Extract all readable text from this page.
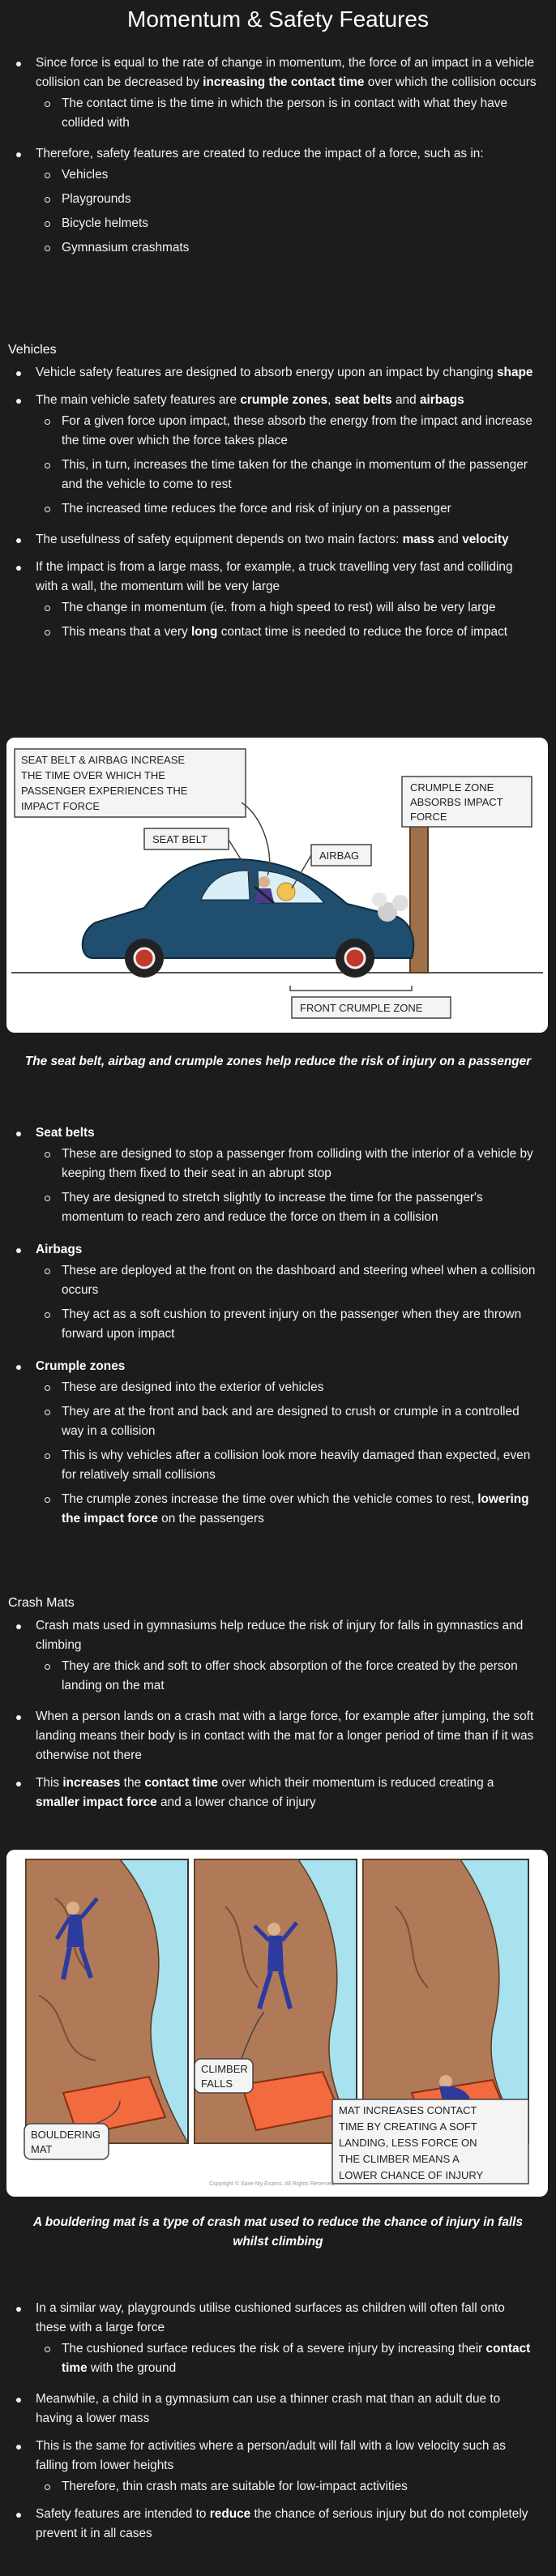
Momentum & Safety Features
Since force is equal to the rate of change in momentum, the force of an impact in a vehicle collision can be decreased by increasing the contact time over which the collision occurs
The contact time is the time in which the person is in contact with what they have collided with
Therefore, safety features are created to reduce the impact of a force, such as in:
Vehicles
Playgrounds
Bicycle helmets
Gymnasium crashmats
Vehicles
Vehicle safety features are designed to absorb energy upon an impact by changing shape
The main vehicle safety features are crumple zones, seat belts and airbags
For a given force upon impact, these absorb the energy from the impact and increase the time over which the force takes place
This, in turn, increases the time taken for the change in momentum of the passenger and the vehicle to come to rest
The increased time reduces the force and risk of injury on a passenger
The usefulness of safety equipment depends on two main factors: mass and velocity
If the impact is from a large mass, for example, a truck travelling very fast and colliding with a wall, the momentum will be very large
The change in momentum (ie. from a high speed to rest) will also be very large
This means that a very long contact time is needed to reduce the force of impact
SEAT BELT & AIRBAG INCREASE
THE TIME OVER WHICH THE
PASSENGER EXPERIENCES THE
IMPACT FORCE
CRUMPLE ZONE
ABSORBS IMPACT
FORCE
SEAT BELT
AIRBAG
FRONT CRUMPLE ZONE
The seat belt, airbag and crumple zones help reduce the risk of injury on a passenger
Seat belts
These are designed to stop a passenger from colliding with the interior of a vehicle by keeping them fixed to their seat in an abrupt stop
They are designed to stretch slightly to increase the time for the passenger's momentum to reach zero and reduce the force on them in a collision
Airbags
These are deployed at the front on the dashboard and steering wheel when a collision occurs
They act as a soft cushion to prevent injury on the passenger when they are thrown forward upon impact
Crumple zones
These are designed into the exterior of vehicles
They are at the front and back and are designed to crush or crumple in a controlled way in a collision
This is why vehicles after a collision look more heavily damaged than expected, even for relatively small collisions
The crumple zones increase the time over which the vehicle comes to rest, lowering the impact force on the passengers
Crash Mats
Crash mats used in gymnasiums help reduce the risk of injury for falls in gymnastics and climbing
They are thick and soft to offer shock absorption of the force created by the person landing on the mat
When a person lands on a crash mat with a large force, for example after jumping, the soft landing means their body is in contact with the mat for a longer period of time than if it was otherwise not there
This increases the contact time over which their momentum is reduced creating a smaller impact force and a lower chance of injury
CLIMBER
FALLS
BOULDERING
MAT
MAT INCREASES CONTACT
TIME BY CREATING A SOFT
LANDING, LESS FORCE ON
THE CLIMBER MEANS A
LOWER CHANCE OF INJURY
Copyright © Save My Exams. All Rights Reserved
A bouldering mat is a type of crash mat used to reduce the chance of injury in falls whilst climbing
In a similar way, playgrounds utilise cushioned surfaces as children will often fall onto these with a large force
The cushioned surface reduces the risk of a severe injury by increasing their contact time with the ground
Meanwhile, a child in a gymnasium can use a thinner crash mat than an adult due to having a lower mass
This is the same for activities where a person/adult will fall with a low velocity such as falling from lower heights
Therefore, thin crash mats are suitable for low-impact activities
Safety features are intended to reduce the chance of serious injury but do not completely prevent it in all cases
